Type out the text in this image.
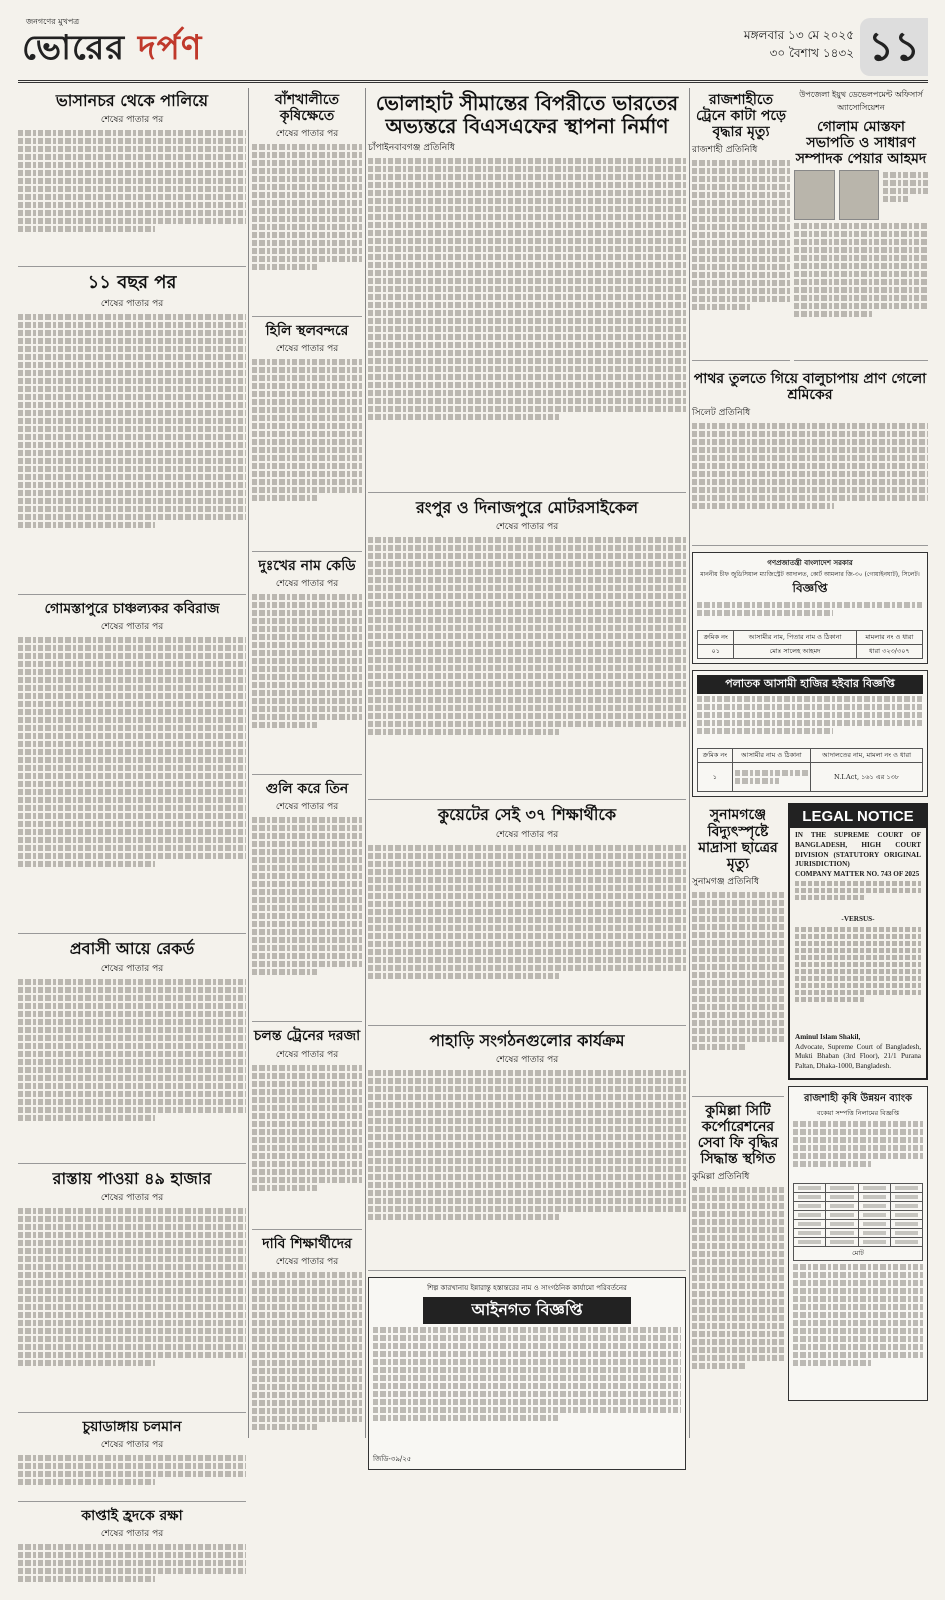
জনগণের মুখপত্র
ভোরের দর্পণ	মঙ্গলবার ১৩ মে ২০২৫
৩০ বৈশাখ ১৪৩২ ১১
ভাসানচর থেকে পালিয়ে
শেষের পাতার পর
১১ বছর পর
শেষের পাতার পর
গোমস্তাপুরে চাঞ্চল্যকর কবিরাজ
শেষের পাতার পর
প্রবাসী আয়ে রেকর্ড
শেষের পাতার পর
রাস্তায় পাওয়া ৪৯ হাজার
শেষের পাতার পর
চুয়াডাঙ্গায় চলমান
শেষের পাতার পর
কাপ্তাই হ্রদকে রক্ষা
শেষের পাতার পর
বাঁশখালীতে কৃষিক্ষেতে
শেষের পাতার পর
হিলি স্থলবন্দরে
শেষের পাতার পর
দুঃখের নাম কেডি
শেষের পাতার পর
গুলি করে তিন
শেষের পাতার পর
চলন্ত ট্রেনের দরজা
শেষের পাতার পর
দাবি শিক্ষার্থীদের
শেষের পাতার পর
ভোলাহাট সীমান্তের বিপরীতে ভারতের অভ্যন্তরে বিএসএফের স্থাপনা নির্মাণ
চাঁপাইনবাবগঞ্জ প্রতিনিধি
রংপুর ও দিনাজপুরে মোটরসাইকেল
শেষের পাতার পর
কুয়েটের সেই ৩৭ শিক্ষার্থীকে
শেষের পাতার পর
পাহাড়ি সংগঠনগুলোর কার্যক্রম
শেষের পাতার পর
শিল্প কারখানায় ইন্নারান্তু হস্তান্তরের নাম ও সাংগঠনিক কার্যামো পরিবর্তনের
আইনগত বিজ্ঞপ্তি
জিডি-৩৯/২৫
রাজশাহীতে ট্রেনে কাটা পড়ে বৃদ্ধার মৃত্যু
রাজশাহী প্রতিনিধি
উপজেলা ইয়ুথ ডেভেলপমেন্ট অফিসার্স অ্যাসোসিয়েশন
গোলাম মোস্তফা সভাপতি ও সাধারণ সম্পাদক পেয়ার আহমদ
পাথর তুলতে গিয়ে বালুচাপায় প্রাণ গেলো শ্রমিকের
সিলেট প্রতিনিধি
গণপ্রজাতন্ত্রী বাংলাদেশ সরকার
মাননীয় চীফ জুডিসিয়াল ম্যাজিস্ট্রেট আদালত, কোর্ট আমলার জি-৩০ (গোয়াইনঘাট), সিলেট।
বিজ্ঞপ্তি
ক্রমিক নং	আসামীর নাম, পিতার নাম ও ঠিকানা	মামলার নং ও ধারা
০১	মোঃ সালেহ আহমদ	ধারা ৩২৩/৩০৭
পলাতক আসামী হাজির হইবার বিজ্ঞপ্তি
ক্রমিক নং	আসামীর নাম ও ঠিকানা	আদালতের নাম, মামলা নং ও ধারা
১		N.I.Act, ১৬১ এর ১৩৮
সুনামগঞ্জে বিদ্যুৎস্পৃষ্টে মাদ্রাসা ছাত্রের মৃত্যু
সুনামগঞ্জ প্রতিনিধি
কুমিল্লা সিটি কর্পোরেশনের সেবা ফি বৃদ্ধির সিদ্ধান্ত স্থগিত
কুমিল্লা প্রতিনিধি
LEGAL NOTICE
IN THE SUPREME COURT OF BANGLADESH, HIGH COURT DIVISION (STATUTORY ORIGINAL JURISDICTION)
COMPANY MATTER NO. 743 OF 2025

-VERSUS-
Aminul Islam Shakil,
Advocate, Supreme Court of Bangladesh, Mukti Bhaban (3rd Floor), 21/1 Purana Paltan, Dhaka-1000, Bangladesh.
রাজশাহী কৃষি উন্নয়ন ব্যাংক
বকেয়া সম্পত্তি নিলামের বিজ্ঞপ্তি

মোট			
